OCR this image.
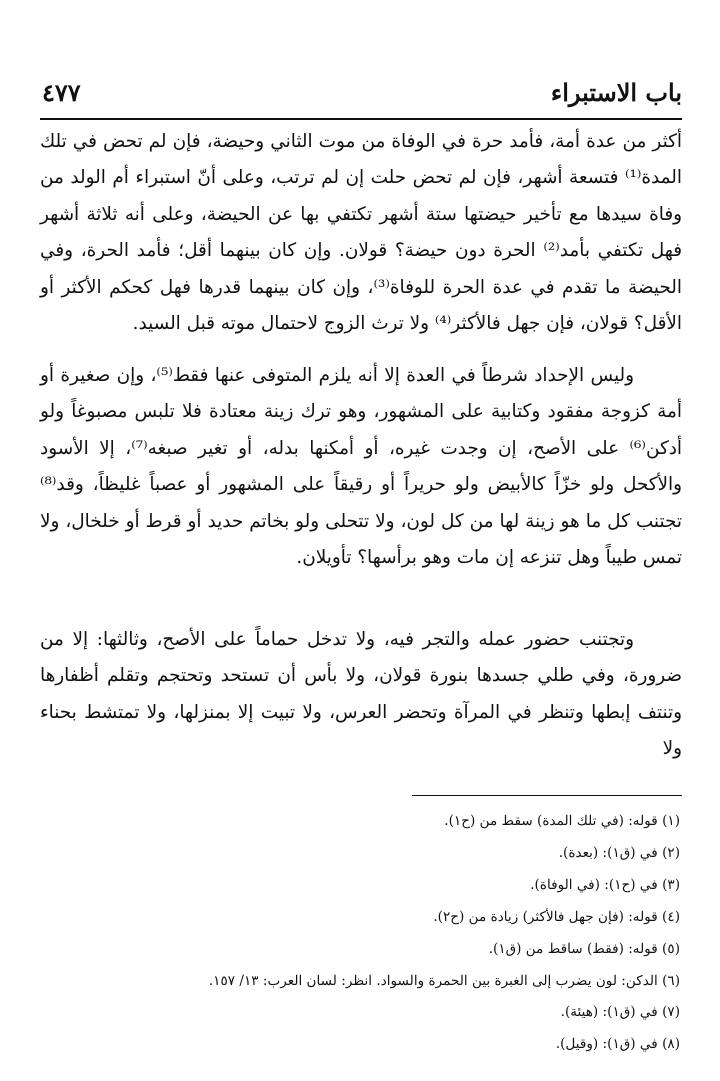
باب الاستبراء
٤٧٧

أكثر من عدة أمة، فأمد حرة في الوفاة من موت الثاني وحيضة، فإن لم تحض في تلك المدة⁽¹⁾ فتسعة أشهر، فإن لم تحض حلت إن لم ترتب، وعلى أنّ استبراء أم الولد من وفاة سيدها مع تأخير حيضتها ستة أشهر تكتفي بها عن الحيضة، وعلى أنه ثلاثة أشهر فهل تكتفي بأمد⁽²⁾ الحرة دون حيضة؟ قولان. وإن كان بينهما أقل؛ فأمد الحرة، وفي الحيضة ما تقدم في عدة الحرة للوفاة⁽³⁾، وإن كان بينهما قدرها فهل كحكم الأكثر أو الأقل؟ قولان، فإن جهل فالأكثر⁽⁴⁾ ولا ترث الزوج لاحتمال موته قبل السيد.

وليس الإحداد شرطاً في العدة إلا أنه يلزم المتوفى عنها فقط⁽⁵⁾، وإن صغيرة أو أمة كزوجة مفقود وكتابية على المشهور، وهو ترك زينة معتادة فلا تلبس مصبوغاً ولو أدكن⁽⁶⁾ على الأصح، إن وجدت غيره، أو أمكنها بدله، أو تغير صبغه⁽⁷⁾، إلا الأسود والأكحل ولو خزّاً كالأبيض ولو حريراً أو رقيقاً على المشهور أو عصباً غليظاً، وقد⁽⁸⁾ تجتنب كل ما هو زينة لها من كل لون، ولا تتحلى ولو بخاتم حديد أو قرط أو خلخال، ولا تمس طيباً وهل تنزعه إن مات وهو برأسها؟ تأويلان.

وتجتنب حضور عمله والتجر فيه، ولا تدخل حماماً على الأصح، وثالثها: إلا من ضرورة، وفي طلي جسدها بنورة قولان، ولا بأس أن تستحد وتحتجم وتقلم أظفارها وتنتف إبطها وتنظر في المرآة وتحضر العرس، ولا تبيت إلا بمنزلها، ولا تمتشط بحناء ولا

(١) قوله: (في تلك المدة) سقط من (ح١).
(٢) في (ق١): (بعدة).
(٣) في (ح١): (في الوفاة).
(٤) قوله: (فإن جهل فالأكثر) زيادة من (ح٢).
(٥) قوله: (فقط) ساقط من (ق١).
(٦) الدكن: لون يضرب إلى الغبرة بين الحمرة والسواد. انظر: لسان العرب: ١٣/ ١٥٧.
(٧) في (ق١): (هيئة).
(٨) في (ق١): (وقيل).
